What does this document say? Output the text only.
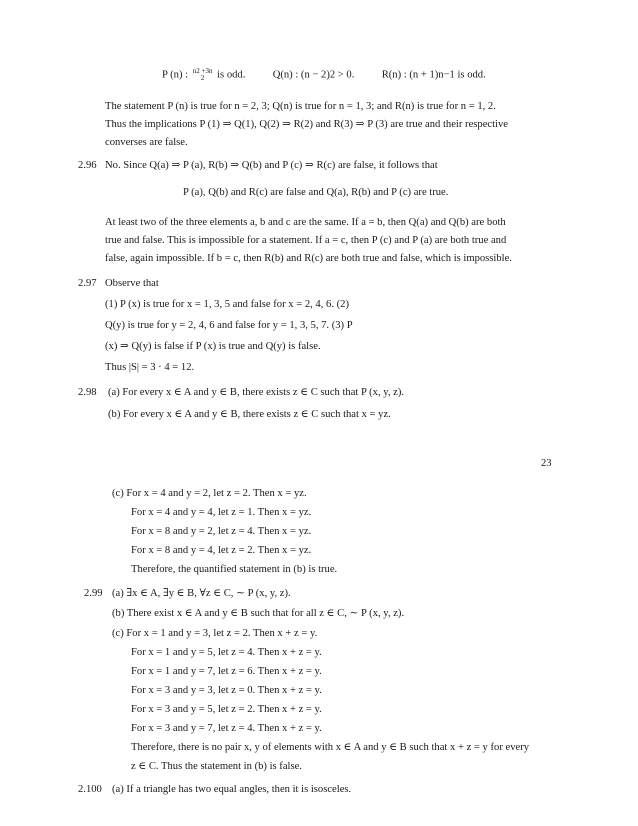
P (n) : n2 +3n
2	is odd.	Q(n) : (n − 2)2 > 0.	R(n) : (n + 1)n−1 is odd.
The statement P (n) is true for n = 2, 3; Q(n) is true for n = 1, 3; and R(n) is true for n = 1, 2.
Thus the implications P (1) ⇒ Q(1), Q(2) ⇒ R(2) and R(3) ⇒ P (3) are true and their respective
converses are false.
2.96 No. Since Q(a) ⇒ P (a), R(b) ⇒ Q(b) and P (c) ⇒ R(c) are false, it follows that
P (a), Q(b) and R(c) are false and Q(a), R(b) and P (c) are true.
At least two of the three elements a, b and c are the same. If a = b, then Q(a) and Q(b) are both
true and false. This is impossible for a statement. If a = c, then P (c) and P (a) are both true and
false, again impossible. If b = c, then R(b) and R(c) are both true and false, which is impossible.
2.97 Observe that
(1) P (x) is true for x = 1, 3, 5 and false for x = 2, 4, 6. (2)
Q(y) is true for y = 2, 4, 6 and false for y = 1, 3, 5, 7. (3) P
(x) ⇒ Q(y) is false if P (x) is true and Q(y) is false.
Thus |S| = 3 · 4 = 12.
2.98 (a) For every x ∈ A and y ∈ B, there exists z ∈ C such that P (x, y, z).
(b) For every x ∈ A and y ∈ B, there exists z ∈ C such that x = yz.
23
(c) For x = 4 and y = 2, let z = 2. Then x = yz.
For x = 4 and y = 4, let z = 1. Then x = yz.
For x = 8 and y = 2, let z = 4. Then x = yz.
For x = 8 and y = 4, let z = 2. Then x = yz.
Therefore, the quantified statement in (b) is true.
2.99 (a) ∃x ∈ A, ∃y ∈ B, ∀z ∈ C, ∼ P (x, y, z).
(b) There exist x ∈ A and y ∈ B such that for all z ∈ C, ∼ P (x, y, z).
(c) For x = 1 and y = 3, let z = 2. Then x + z = y.
For x = 1 and y = 5, let z = 4. Then x + z = y.
For x = 1 and y = 7, let z = 6. Then x + z = y.
For x = 3 and y = 3, let z = 0. Then x + z = y.
For x = 3 and y = 5, let z = 2. Then x + z = y.
For x = 3 and y = 7, let z = 4. Then x + z = y.
Therefore, there is no pair x, y of elements with x ∈ A and y ∈ B such that x + z = y for every
z ∈ C. Thus the statement in (b) is false.
2.100 (a) If a triangle has two equal angles, then it is isosceles.
